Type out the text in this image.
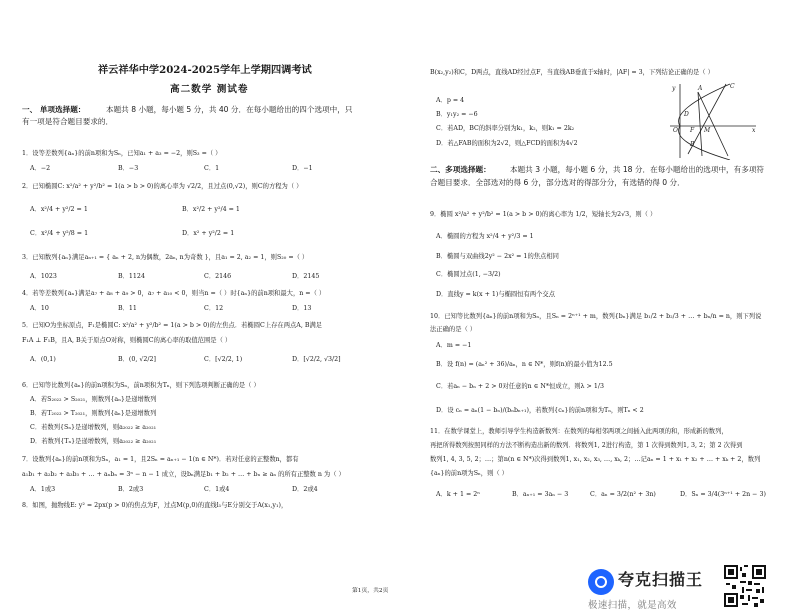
祥云祥华中学2024-2025学年上学期四调考试
高二数学 测试卷
一、 单项选择题：	本题共 8 小题，每小题 5 分，共 40 分．在每小题给出的四个选项中，只
有一项是符合题目要求的．
1．设等差数列{aₙ}的前n项和为Sₙ，已知a₁ + a₃ = −2，则S₃ =（ ）
A．−2	B．−3	C．1	D．−1
2．已知椭圆C: x²/a² + y²/b² = 1(a > b > 0)的离心率为 √2/2，且过点(0,√2)，则C的方程为（ ）
A．x²/4 + y²/2 = 1	B．x²/2 + y²/4 = 1
C．x²/4 + y²/8 = 1	D．x² + y²/2 = 1
3．已知数列{aₙ}满足aₙ₊₁ = { aₙ + 2, n为偶数，2aₙ, n为奇数 }，且a₁ = 2, a₂ = 1，则S₂₀ =（ ）
A．1023	B．1124	C．2146	D．2145
4．若等差数列{aₙ}满足a₇ + a₈ + a₉ > 0，a₇ + a₁₀ < 0，则当n =（ ）时{aₙ}的前n项和最大，n =（ ）
A．10	B．11	C．12	D．13
5．已知O为坐标原点，F₁是椭圆C: x²/a² + y²/b² = 1(a > b > 0)的左焦点．若椭圆C上存在两点A, B满足
F₁A ⊥ F₁B，且A, B关于原点O对称，则椭圆C的离心率的取值范围是（ ）
A．(0,1)	B．(0, √2/2]	C．[√2/2, 1)	D．[√2/2, √3/2]
6．已知等比数列{aₙ}的前n项积为Sₙ，前n项积为Tₙ，则下列选项判断正确的是（ ）
A．若S₂₀₂₂ > S₂₀₂₁，则数列{aₙ}是递增数列
B．若T₂₀₂₂ > T₂₀₂₁，则数列{aₙ}是递增数列
C．若数列{Sₙ}是递增数列，则a₂₀₂₂ ≥ a₂₀₂₁
D．若数列{Tₙ}是递增数列，则a₂₀₂₂ ≥ a₂₀₂₁
7．设数列{aₙ}的前n项和为Sₙ，a₁ = 1，且2Sₙ = aₙ₊₁ − 1(n ∈ N*)．若对任意的正整数n，都有
a₁b₁ + a₂b₂ + a₃b₃ + … + aₙbₙ = 3ⁿ − n − 1 成立，设bₙ满足b₁ + b₂ + … + bₙ ≥ aₙ 的所有正整数 n 为（ ）
A．1或3	B．2或3	C．1或4	D．2或4
8．如图，抛物线E: y² = 2px(p > 0)的焦点为F，过点M(p,0)的直线l₁与E分别交于A(x₁,y₁)，
B(x₂,y₂)和C，D两点，直线AD经过点F，当直线AB垂直于x轴时，|AF| = 3，下列结论正确的是（ ）
A．p = 4
B．y₁y₂ = −6
C．若AD，BC的斜率分别为k₁，k₂，则k₁ = 2k₂
D．若△FAB的面积为2√2，则△FCD的面积为4√2
二、多项选择题：	本题共 3 小题，每小题 6 分，共 18 分．在每小题给出的选项中，有多项符
合题目要求．全部选对的得 6 分，部分选对的得部分分，有选错的得 0 分．
9．椭圆 x²/a² + y²/b² = 1(a > b > 0)的离心率为 1/2，短轴长为2√3，则（ ）
A．椭圆的方程为 x²/4 + y²/3 = 1
B．椭圆与双曲线2y² − 2x² = 1的焦点相同
C．椭圆过点(1, −3/2)
D．直线y = k(x + 1)与椭圆恒有两个交点
10．已知等比数列{aₙ}的前n项和为Sₙ，且Sₙ = 2ⁿ⁺¹ + m，数列{bₙ}满足 b₁/2 + b₂/3 + … + bₙ/n = n，则下列说
法正确的是（ ）
A．m = −1
B．设 f(n) = (aₙ² + 36)/aₙ，n ∈ N*，则f(n)的最小值为12.5
C．若aₙ − bₙ + 2 > 0对任意的n ∈ N*恒成立，则λ > 1/3
D．设 cₙ = aₙ(1 − bₙ)/(bₙbₙ₊₁)，若数列{cₙ}的前n项和为Tₙ，则Tₙ < 2
11．在数学课堂上，教师引导学生构造新数列：在数列的每相邻两项之间插入此两项的和，形成新的数列，
再把所得数列按照同样的方法不断构造出新的数列．将数列1, 2进行构造，第 1 次得到数列1, 3, 2；第 2 次得到
数列1, 4, 3, 5, 2；…；第n(n ∈ N*)次得到数列1, x₁, x₂, x₃, …, xₖ, 2；…记aₙ = 1 + x₁ + x₂ + … + xₖ + 2，数列
{aₙ}的前n项为Sₙ，则（ ）
A．k + 1 = 2ⁿ	B．aₙ₊₁ = 3aₙ − 3	C．aₙ = 3/2(n² + 3n)	D．Sₙ = 3/4(3ⁿ⁺¹ + 2n − 3)
y	A	C
D
O F M	x
B
第1页，共2页
夸克扫描王
极速扫描，就是高效
